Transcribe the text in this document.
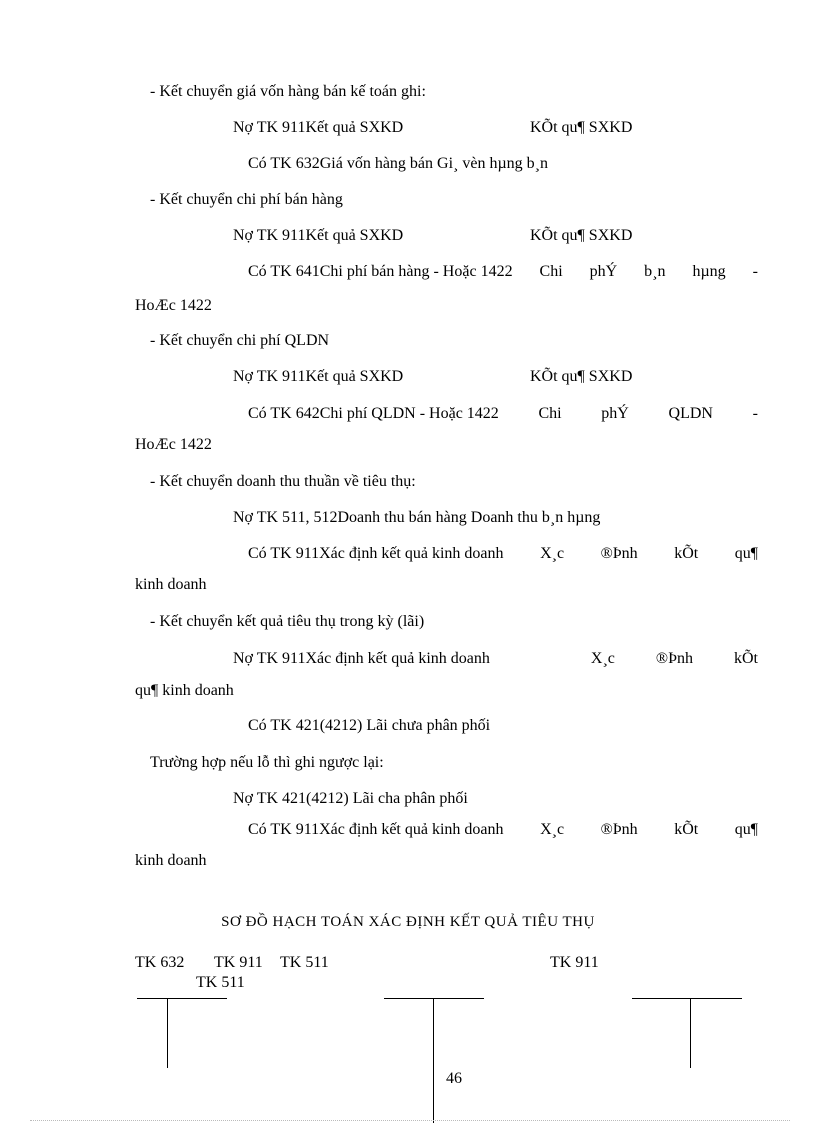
- Kết chuyển giá vốn hàng bán kế toán ghi:
Nợ TK 911Kết quả SXKD	KÕt qu¶ SXKD
Có TK 632Giá vốn hàng bán Gi¸ vèn hµng b¸n
- Kết chuyển chi phí bán hàng
Nợ TK 911Kết quả SXKD	KÕt qu¶ SXKD
Có TK 641Chi phí bán hàng - Hoặc 1422 Chi phÝ b¸n hµng -
HoÆc 1422
- Kết chuyển chi phí QLDN
Nợ TK 911Kết quả SXKD	KÕt qu¶ SXKD
Có TK 642Chi phí QLDN - Hoặc 1422 Chi phÝ QLDN -
HoÆc 1422
- Kết chuyển doanh thu thuần về tiêu thụ:
Nợ TK 511, 512Doanh thu bán hàng Doanh thu b¸n hµng
Có TK 911Xác định kết quả kinh doanh X¸c ®Þnh kÕt qu¶
kinh doanh
- Kết chuyển kết quả tiêu thụ trong kỳ (lãi)
Nợ TK 911Xác định kết quả kinh doanh	X¸c	®Þnh	kÕt
qu¶ kinh doanh
Có TK 421(4212) Lãi chưa phân phối
Trường hợp nếu lỗ thì ghi ngược lại:
Nợ TK 421(4212) Lãi cha phân phối
Có TK 911Xác định kết quả kinh doanh X¸c ®Þnh kÕt qu¶
kinh doanh
SƠ ĐỒ HẠCH TOÁN XÁC ĐỊNH KẾT QUẢ TIÊU THỤ
TK 632 TK 911 TK 511	TK 911
TK 511
46
